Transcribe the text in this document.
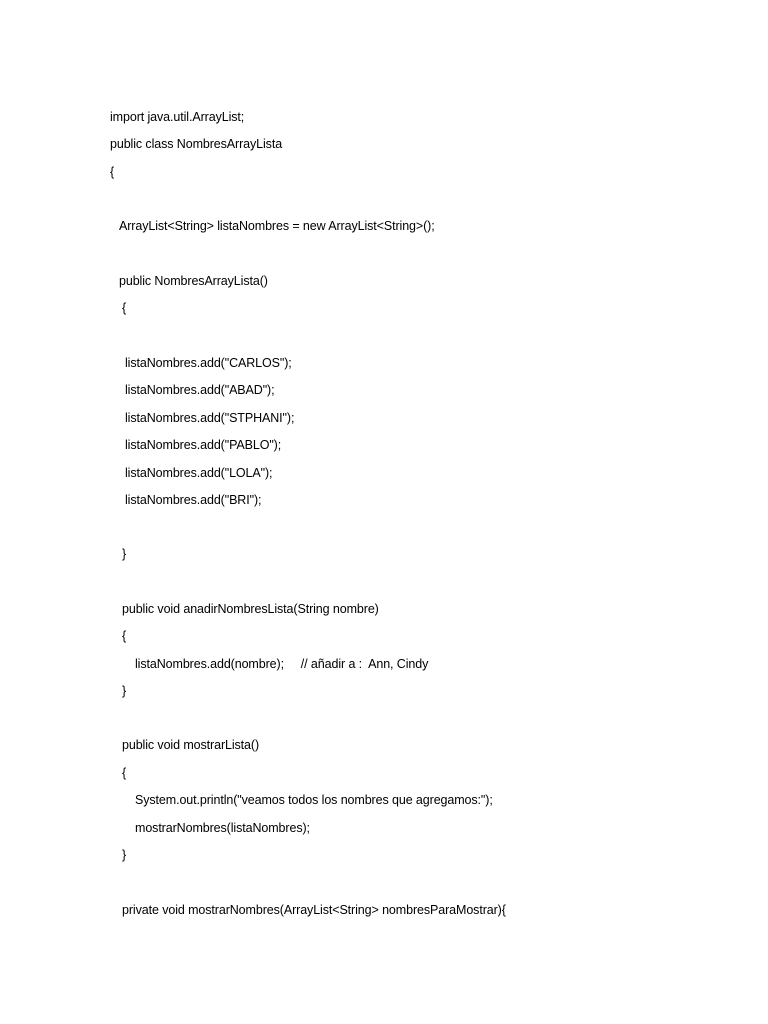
import java.util.ArrayList;
public class NombresArrayLista
{
ArrayList<String> listaNombres = new ArrayList<String>();
public NombresArrayLista()
{
listaNombres.add("CARLOS");
listaNombres.add("ABAD");
listaNombres.add("STPHANI");
listaNombres.add("PABLO");
listaNombres.add("LOLA");
listaNombres.add("BRI");
}
public void anadirNombresLista(String nombre)
{
listaNombres.add(nombre);     // añadir a :  Ann, Cindy
}
public void mostrarLista()
{
System.out.println("veamos todos los nombres que agregamos:");
mostrarNombres(listaNombres);
}
private void mostrarNombres(ArrayList<String> nombresParaMostrar){
